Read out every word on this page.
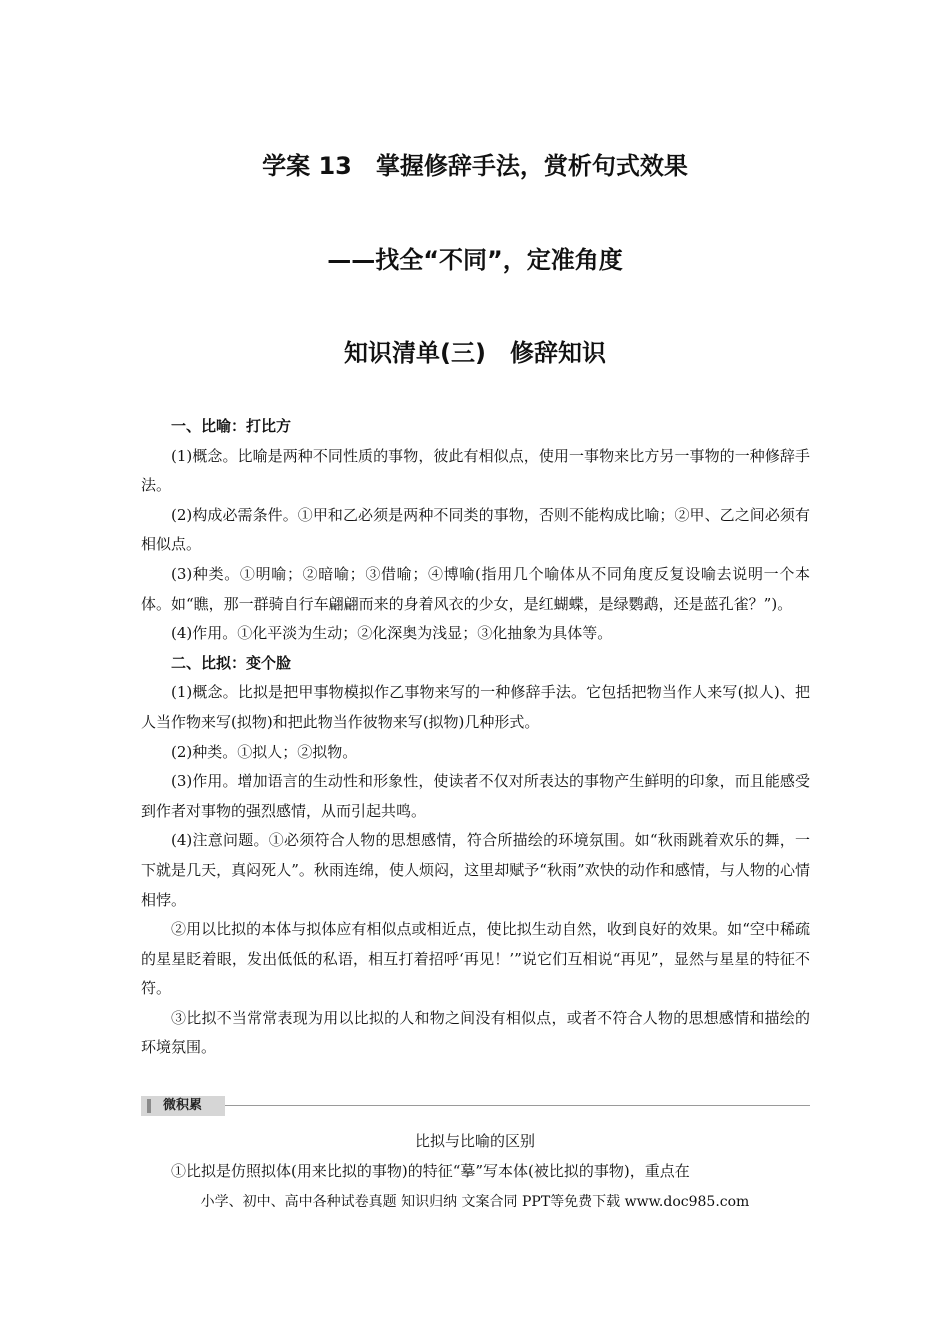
学案 13　掌握修辞手法，赏析句式效果
——找全“不同”，定准角度
知识清单(三)　修辞知识

一、比喻：打比方

(1)概念。比喻是两种不同性质的事物，彼此有相似点，使用一事物来比方另一事物的一种修辞手法。

(2)构成必需条件。①甲和乙必须是两种不同类的事物，否则不能构成比喻；②甲、乙之间必须有相似点。

(3)种类。①明喻；②暗喻；③借喻；④博喻(指用几个喻体从不同角度反复设喻去说明一个本体。如“瞧，那一群骑自行车翩翩而来的身着风衣的少女，是红蝴蝶，是绿鹦鹉，还是蓝孔雀？”)。

(4)作用。①化平淡为生动；②化深奥为浅显；③化抽象为具体等。

二、比拟：变个脸

(1)概念。比拟是把甲事物模拟作乙事物来写的一种修辞手法。它包括把物当作人来写(拟人)、把人当作物来写(拟物)和把此物当作彼物来写(拟物)几种形式。

(2)种类。①拟人；②拟物。

(3)作用。增加语言的生动性和形象性，使读者不仅对所表达的事物产生鲜明的印象，而且能感受到作者对事物的强烈感情，从而引起共鸣。

(4)注意问题。①必须符合人物的思想感情，符合所描绘的环境氛围。如“秋雨跳着欢乐的舞，一下就是几天，真闷死人”。秋雨连绵，使人烦闷，这里却赋予“秋雨”欢快的动作和感情，与人物的心情相悖。

②用以比拟的本体与拟体应有相似点或相近点，使比拟生动自然，收到良好的效果。如“空中稀疏的星星眨着眼，发出低低的私语，相互打着招呼‘再见！’”说它们互相说“再见”，显然与星星的特征不符。

③比拟不当常常表现为用以比拟的人和物之间没有相似点，或者不符合人物的思想感情和描绘的环境氛围。

微积累
比拟与比喻的区别

①比拟是仿照拟体(用来比拟的事物)的特征“摹”写本体(被比拟的事物)，重点在

小学、初中、高中各种试卷真题 知识归纳 文案合同 PPT等免费下载 www.doc985.com
